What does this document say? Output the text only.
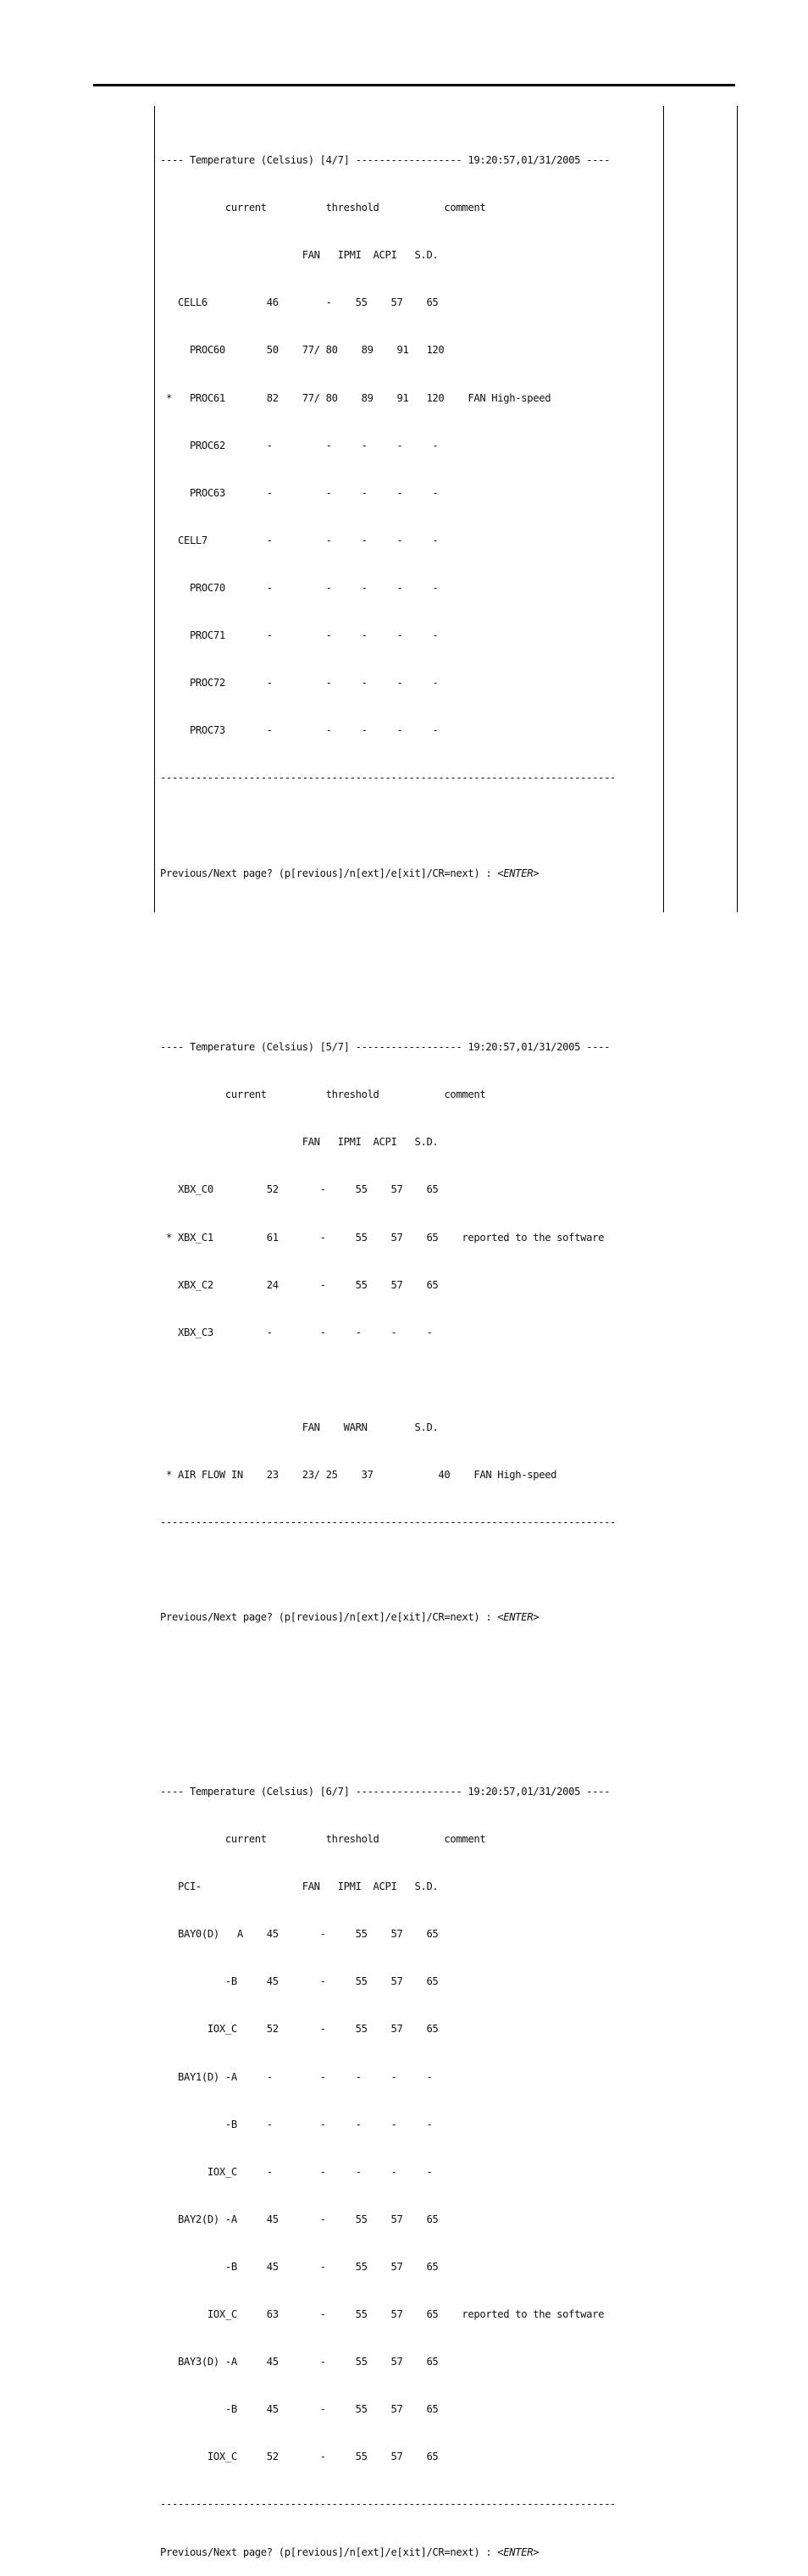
---- Temperature (Celsius) [4/7] ------------------ 19:20:57,01/31/2005 ----

current          threshold           comment

FAN   IPMI  ACPI   S.D.

CELL6          46        -    55    57    65

PROC60       50    77/ 80    89    91   120

*   PROC61       82    77/ 80    89    91   120    FAN High-speed

PROC62       -         -     -     -     -

PROC63       -         -     -     -     -

CELL7          -         -     -     -     -

PROC70       -         -     -     -     -

PROC71       -         -     -     -     -

PROC72       -         -     -     -     -

PROC73       -         -     -     -     -

-----------------------------------------------------------------------------

Previous/Next page? (p[revious]/n[ext]/e[xit]/CR=next) : <ENTER>

---- Temperature (Celsius) [5/7] ------------------ 19:20:57,01/31/2005 ----

current          threshold           comment

FAN   IPMI  ACPI   S.D.

XBX_C0         52       -     55    57    65

* XBX_C1         61       -     55    57    65    reported to the software

XBX_C2         24       -     55    57    65

XBX_C3         -        -     -     -     -

FAN    WARN        S.D.

* AIR FLOW IN    23    23/ 25    37           40    FAN High-speed

-----------------------------------------------------------------------------

Previous/Next page? (p[revious]/n[ext]/e[xit]/CR=next) : <ENTER>

---- Temperature (Celsius) [6/7] ------------------ 19:20:57,01/31/2005 ----

current          threshold           comment

PCI-                 FAN   IPMI  ACPI   S.D.

BAY0(D)   A    45       -     55    57    65

-B     45       -     55    57    65

IOX_C     52       -     55    57    65

BAY1(D) -A     -        -     -     -     -

-B     -        -     -     -     -

IOX_C     -        -     -     -     -

BAY2(D) -A     45       -     55    57    65

-B     45       -     55    57    65

IOX_C     63       -     55    57    65    reported to the software

BAY3(D) -A     45       -     55    57    65

-B     45       -     55    57    65

IOX_C     52       -     55    57    65

-----------------------------------------------------------------------------

Previous/Next page? (p[revious]/n[ext]/e[xit]/CR=next) : <ENTER>
